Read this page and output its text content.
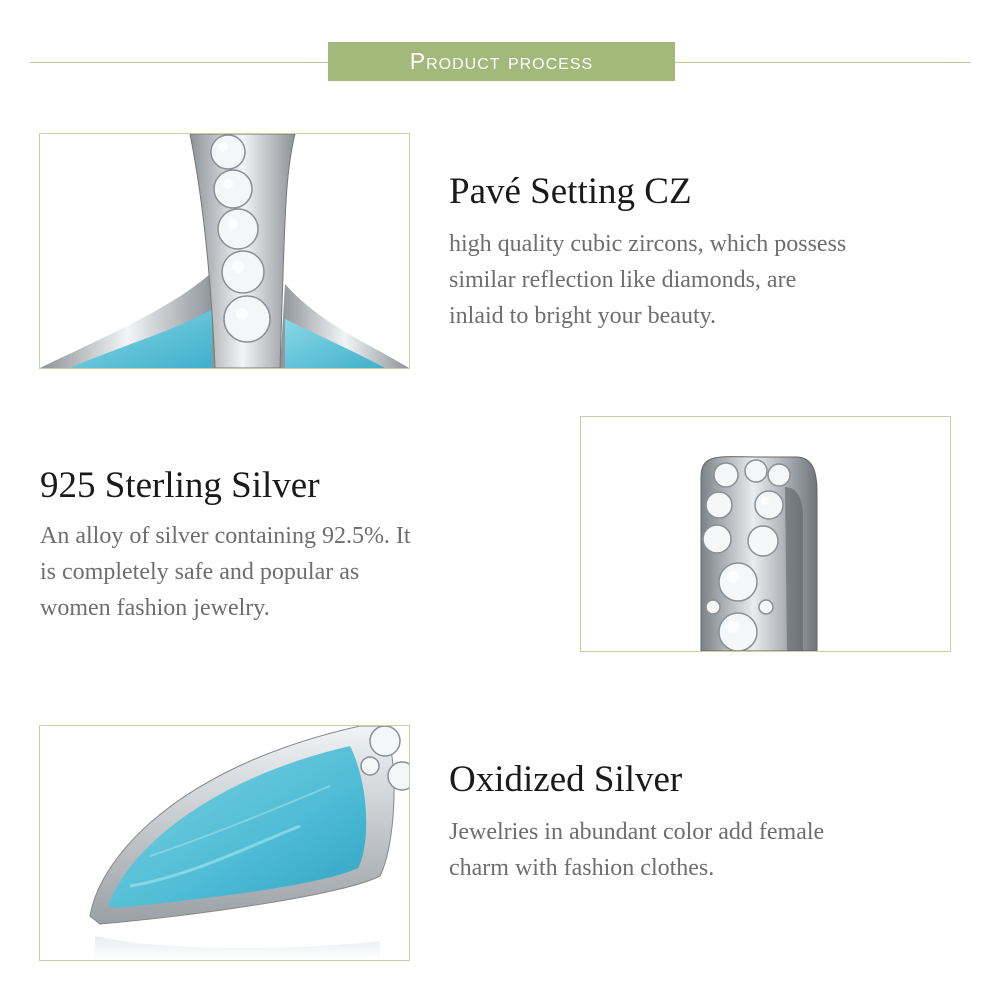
Product process
Pavé Setting CZ
high quality cubic zircons, which possess
similar reflection like diamonds, are
inlaid to bright your beauty.
925 Sterling Silver
An alloy of silver containing 92.5%. It
is completely safe and popular as
women fashion jewelry.
Oxidized Silver
Jewelries in abundant color add female
charm with fashion clothes.
